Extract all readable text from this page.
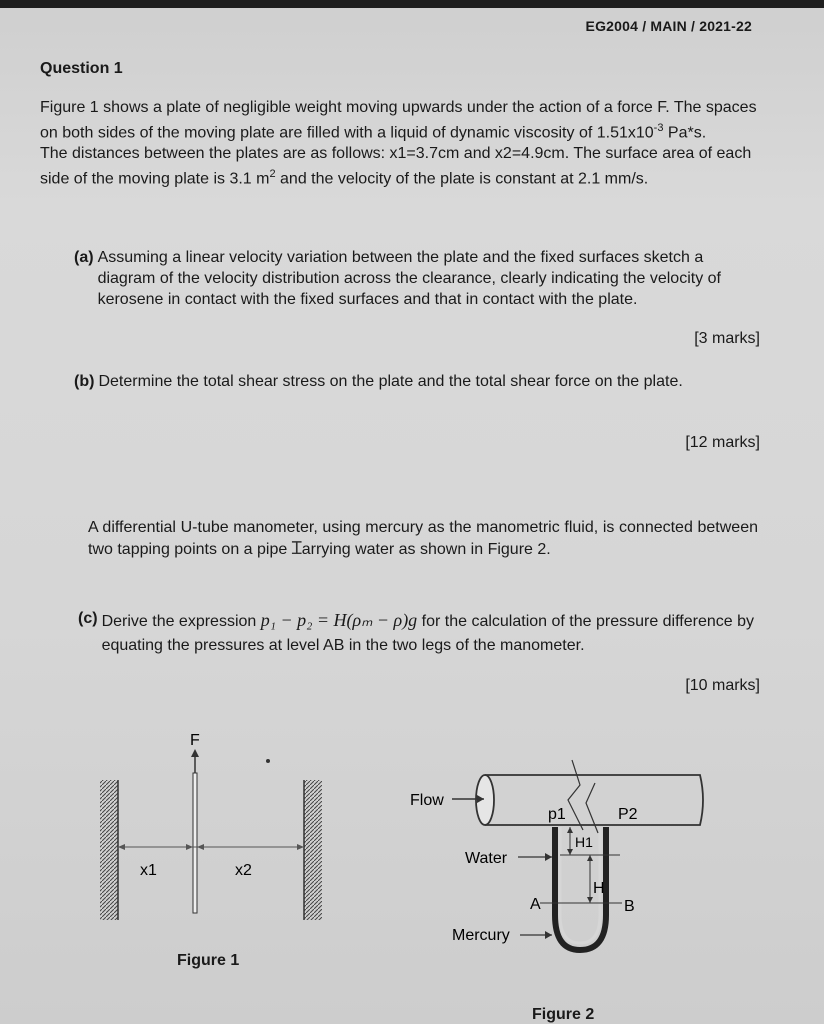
EG2004 / MAIN / 2021-22
Question 1

Figure 1 shows a plate of negligible weight moving upwards under the action of a force F. The spaces on both sides of the moving plate are filled with a liquid of dynamic viscosity of $1.51x10^{-3}$ Pa*s.

The distances between the plates are as follows: x1=3.7cm and x2=4.9cm. The surface area of each side of the moving plate is 3.1 $m^2$ and the velocity of the plate is constant at 2.1 mm/s.

(a)	Assuming a linear velocity variation between the plate and the fixed surfaces sketch a diagram of the velocity distribution across the clearance, clearly indicating the velocity of kerosene in contact with the fixed surfaces and that in contact with the plate.
[3 marks]
(b)	Determine the total shear stress on the plate and the total shear force on the plate.
[12 marks]
A differential U-tube manometer, using mercury as the manometric fluid, is connected between two tapping points on a pipe Ɪarrying water as shown in Figure 2.
(c)	Derive the expression p₁ − p₂ = H(ρₘ − ρ)g for the calculation of the pressure difference by equating the pressures at level AB in the two legs of the manometer.
[10 marks]
F
x1	x2
Figure 1
Flow
p1	P2
H1
H
A	B
Water
Mercury
Figure 2
